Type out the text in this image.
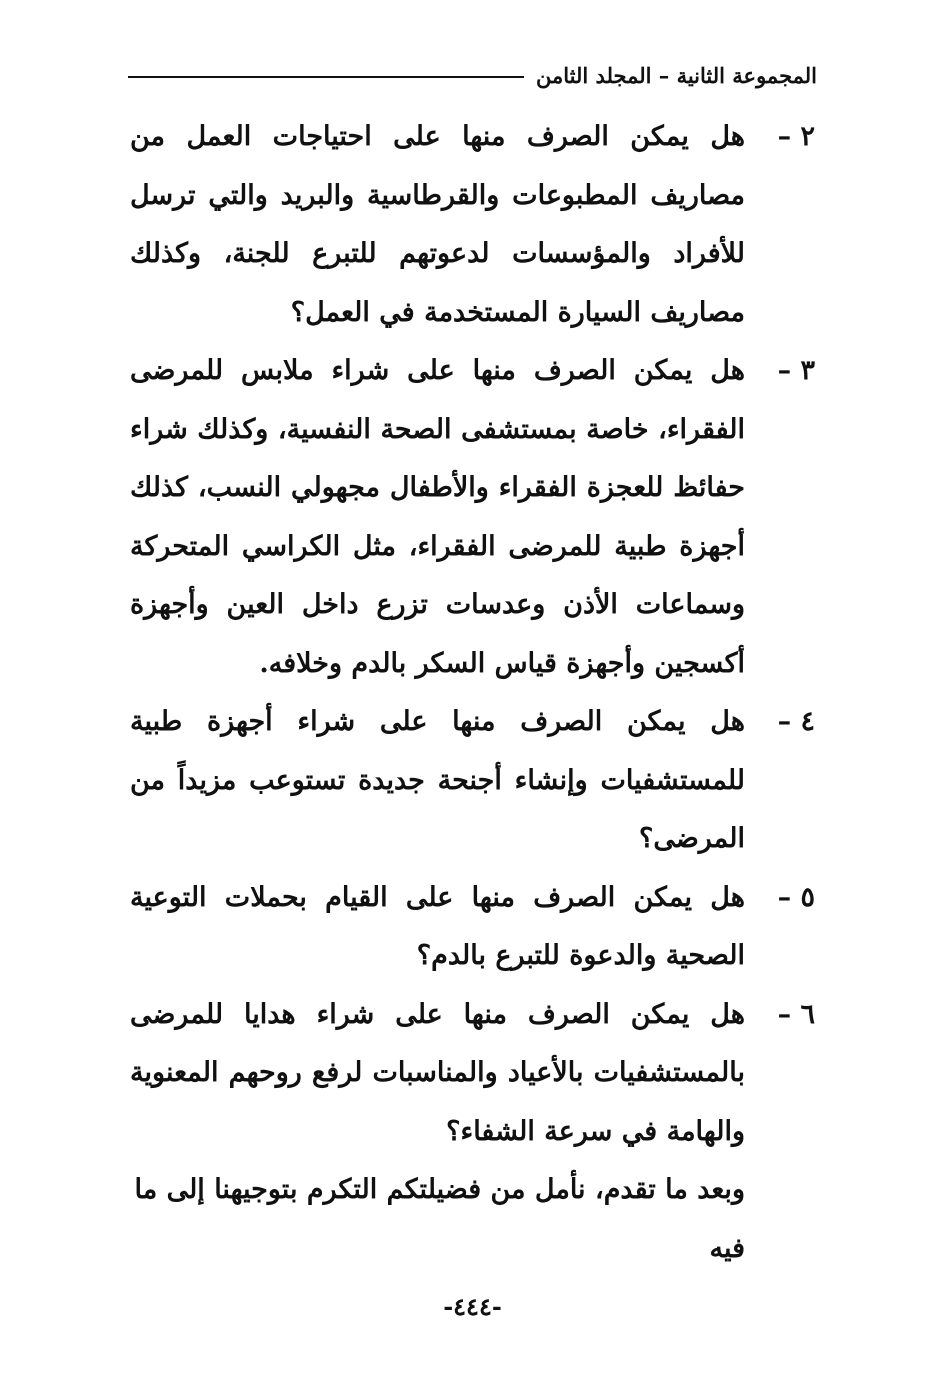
المجموعة الثانية – المجلد الثامن
٢ –
هل يمكن الصرف منها على احتياجات العمل من مصاريف المطبوعات والقرطاسية والبريد والتي ترسل للأفراد والمؤسسات لدعوتهم للتبرع للجنة، وكذلك مصاريف السيارة المستخدمة في العمل؟
٣ –
هل يمكن الصرف منها على شراء ملابس للمرضى الفقراء، خاصة بمستشفى الصحة النفسية، وكذلك شراء حفائظ للعجزة الفقراء والأطفال مجهولي النسب، كذلك أجهزة طبية للمرضى الفقراء، مثل الكراسي المتحركة وسماعات الأذن وعدسات تزرع داخل العين وأجهزة أكسجين وأجهزة قياس السكر بالدم وخلافه.
٤ –
هل يمكن الصرف منها على شراء أجهزة طبية للمستشفيات وإنشاء أجنحة جديدة تستوعب مزيداً من المرضى؟
٥ –
هل يمكن الصرف منها على القيام بحملات التوعية الصحية والدعوة للتبرع بالدم؟
٦ –
هل يمكن الصرف منها على شراء هدايا للمرضى بالمستشفيات بالأعياد والمناسبات لرفع روحهم المعنوية والهامة في سرعة الشفاء؟
وبعد ما تقدم، نأمل من فضيلتكم التكرم بتوجيهنا إلى ما فيه
-٤٤٤-
